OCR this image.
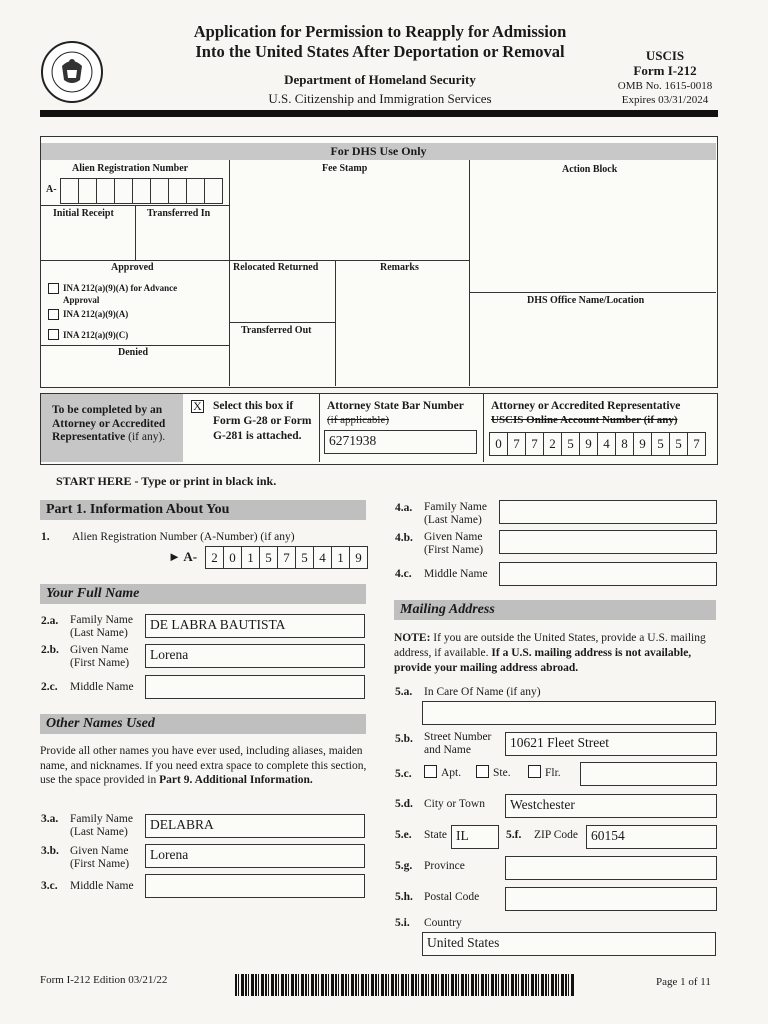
Application for Permission to Reapply for Admission
Into the United States After Deportation or Removal
Department of Homeland Security
U.S. Citizenship and Immigration Services
USCIS
Form I-212
OMB No. 1615-0018
Expires 03/31/2024
For DHS Use Only
Alien Registration Number
A-
Fee Stamp	Action Block
Initial Receipt	Transferred In
Approved	Relocated Returned	Remarks
INA 212(a)(9)(A) for Advance Approval
INA 212(a)(9)(A)
INA 212(a)(9)(C)	Transferred Out
Denied
DHS Office Name/Location
To be completed by an Attorney or Accredited Representative (if any).
X Select this box if Form G-28 or Form G-281 is attached.
Attorney State Bar Number
(if applicable)
6271938
Attorney or Accredited Representative
USCIS Online Account Number (if any)
0 7 7 2 5 9 4 8 9 5 5 7
START HERE - Type or print in black ink.
Part 1. Information About You
1. Alien Registration Number (A-Number) (if any)
► A-	2 0 1 5 7 5 4 1 9
Your Full Name
2.a. Family Name (Last Name)
DE LABRA BAUTISTA
2.b. Given Name (First Name)
Lorena
2.c. Middle Name
Other Names Used
Provide all other names you have ever used, including aliases, maiden name, and nicknames. If you need extra space to complete this section, use the space provided in Part 9. Additional Information.
3.a. Family Name (Last Name)	DELABRA
3.b. Given Name (First Name)
Lorena
3.c. Middle Name
4.a. Family Name (Last Name)
4.b. Given Name (First Name)
4.c. Middle Name
Mailing Address
NOTE: If you are outside the United States, provide a U.S. mailing address, if available. If a U.S. mailing address is not available, provide your mailing address abroad.
5.a. In Care Of Name (if any)
5.b. Street Number and Name	10621 Fleet Street
5.c.	Apt.	Ste.	Flr.
5.d. City or Town	Westchester
5.e. State IL	5.f. ZIP Code 60154
5.g. Province
5.h. Postal Code
5.i. Country
United States
Form I-212 Edition 03/21/22	Page 1 of 11
